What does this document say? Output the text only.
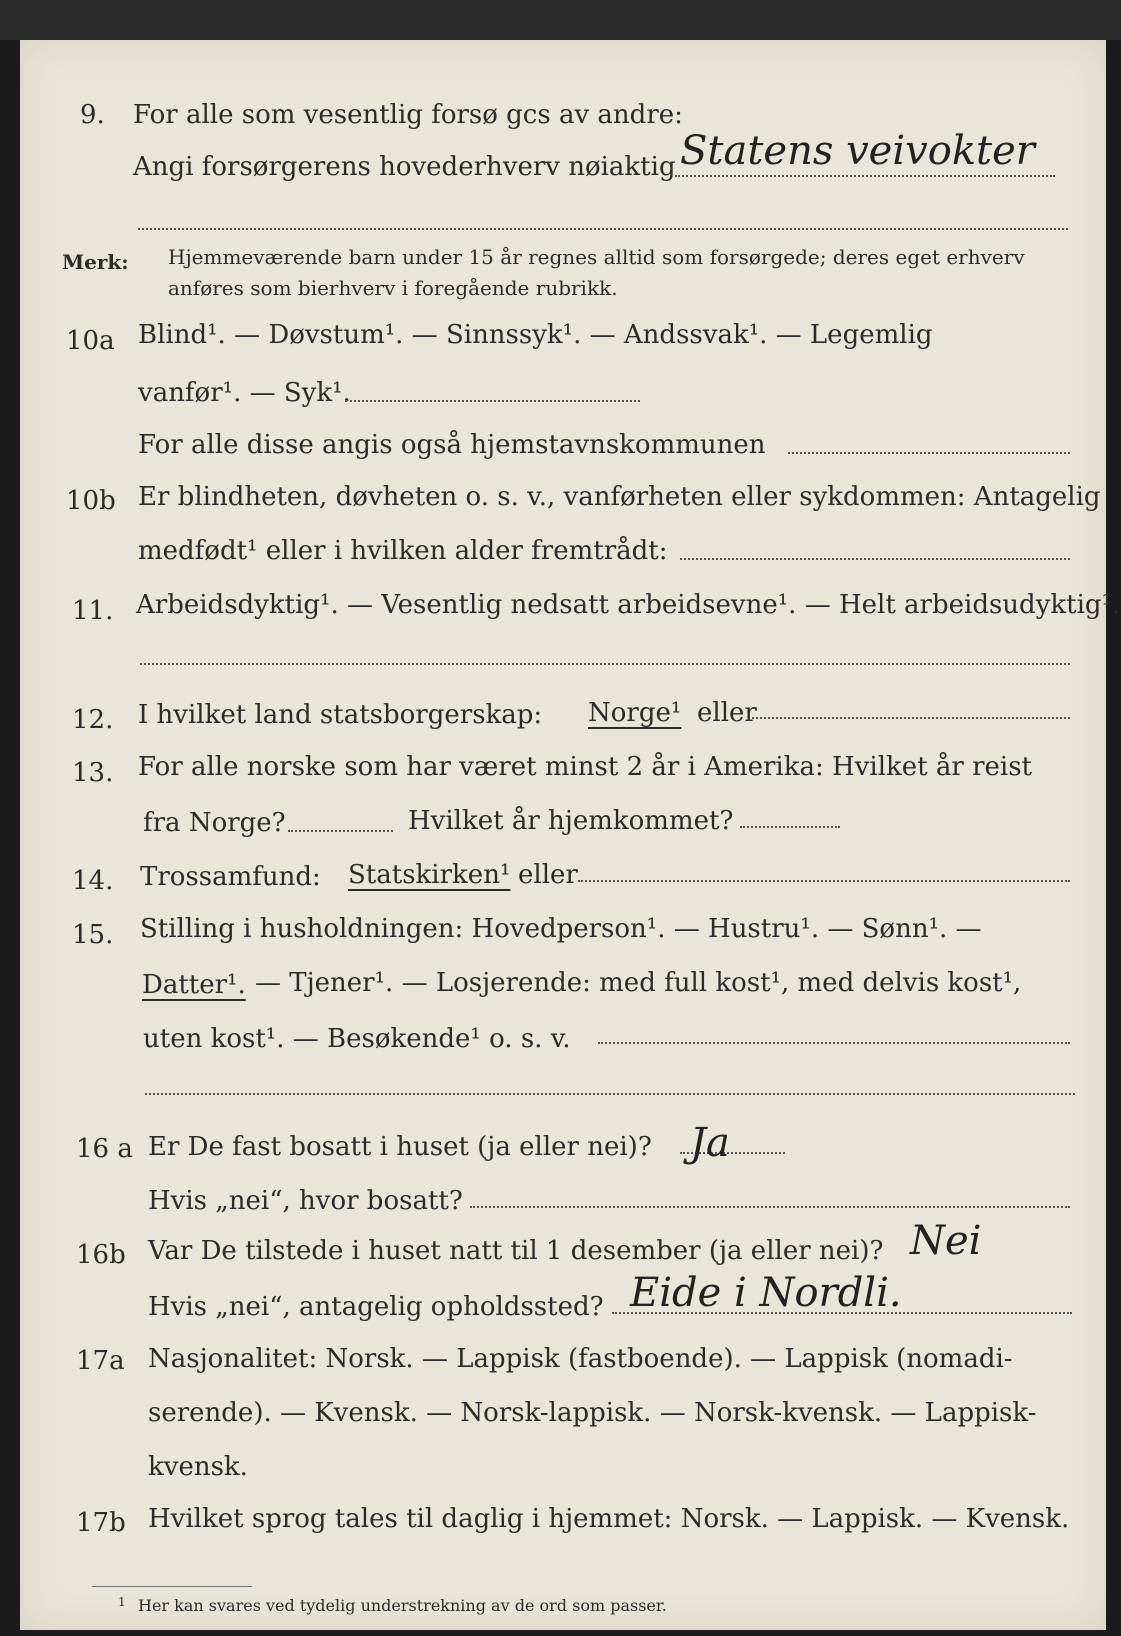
9. For alle som vesentlig forsø gcs av andre:
Angi forsørgerens hovederhverv nøiaktig Statens veivokter
Merk: Hjemmeværende barn under 15 år regnes alltid som forsørgede; deres eget erhverv
anføres som bierhverv i foregående rubrikk.
10a Blind¹. — Døvstum¹. — Sinnssyk¹. — Andssvak¹. — Legemlig
vanfør¹. — Syk¹.
For alle disse angis også hjemstavnskommunen
10b Er blindheten, døvheten o. s. v., vanførheten eller sykdommen: Antagelig
medfødt¹ eller i hvilken alder fremtrådt:
11. Arbeidsdyktig¹. — Vesentlig nedsatt arbeidsevne¹. — Helt arbeidsudyktig¹.
12. I hvilket land statsborgerskap: Norge¹ eller
13. For alle norske som har været minst 2 år i Amerika: Hvilket år reist
fra Norge?	Hvilket år hjemkommet?
14. Trossamfund: Statskirken¹ eller
15. Stilling i husholdningen: Hovedperson¹. — Hustru¹. — Sønn¹. —
Datter¹. — Tjener¹. — Losjerende: med full kost¹, med delvis kost¹,
uten kost¹. — Besøkende¹ o. s. v.
16 a Er De fast bosatt i huset (ja eller nei)? Ja
Hvis „nei“, hvor bosatt?
16b Var De tilstede i huset natt til 1 desember (ja eller nei)? Nei
Hvis „nei“, antagelig opholdssted? Eide i Nordli.
17a Nasjonalitet: Norsk. — Lappisk (fastboende). — Lappisk (nomadi-
serende). — Kvensk. — Norsk-lappisk. — Norsk-kvensk. — Lappisk-
kvensk.
17b Hvilket sprog tales til daglig i hjemmet: Norsk. — Lappisk. — Kvensk.
1 Her kan svares ved tydelig understrekning av de ord som passer.
